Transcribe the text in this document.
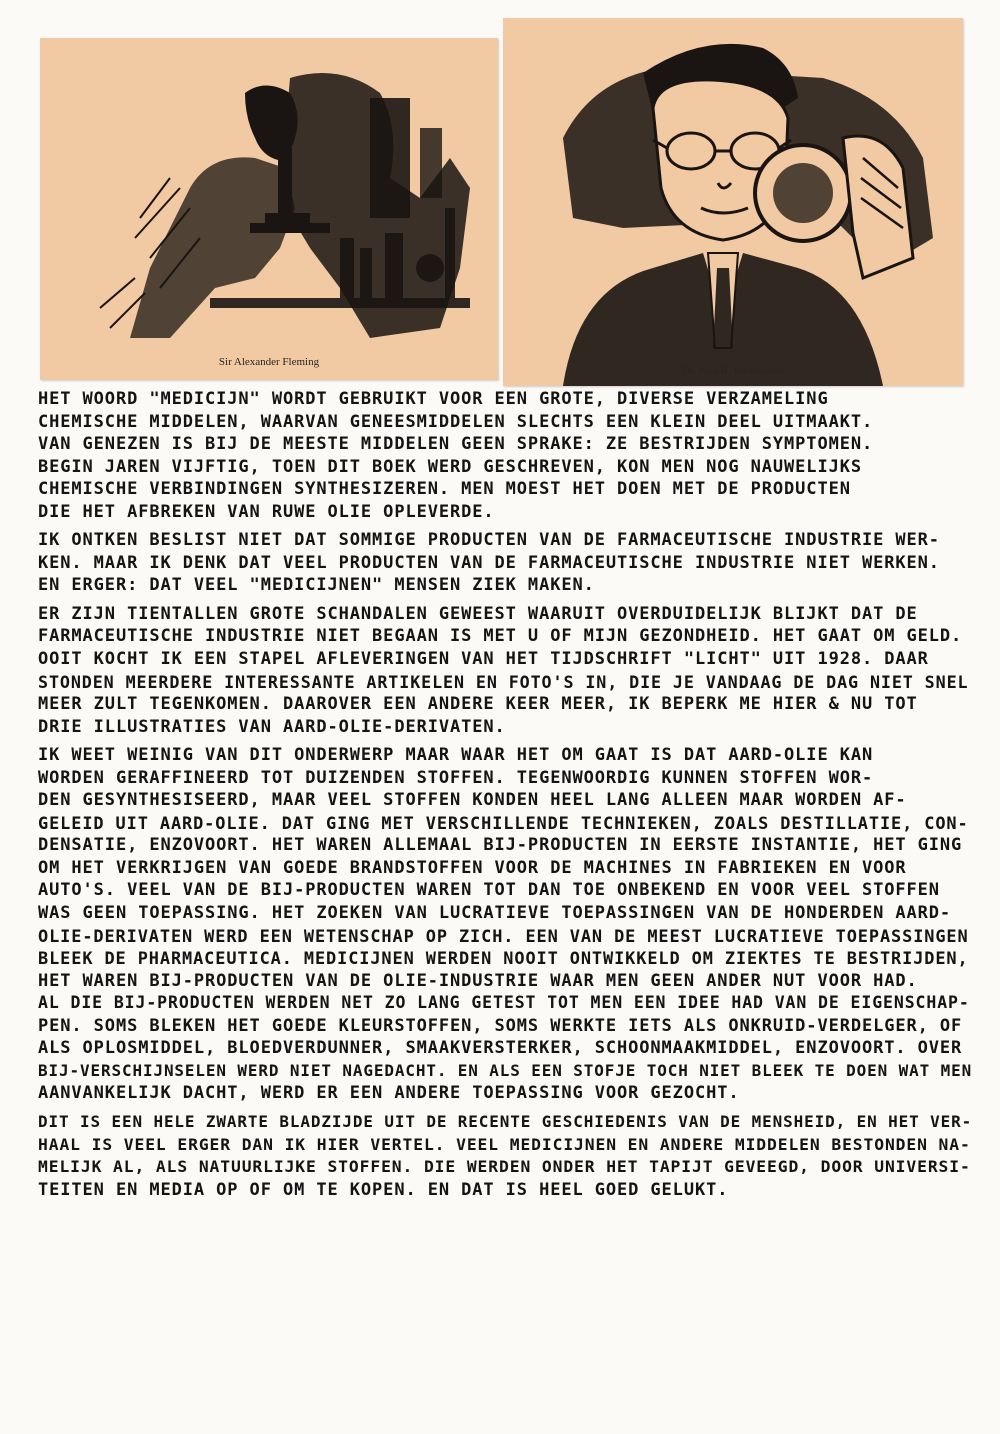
Sir Alexander Fleming
Dr. Paul R. Burkholder
HET WOORD "MEDICIJN" WORDT GEBRUIKT VOOR EEN GROTE, DIVERSE VERZAMELING
CHEMISCHE MIDDELEN, WAARVAN GENEESMIDDELEN SLECHTS EEN KLEIN DEEL UITMAAKT.
VAN GENEZEN IS BIJ DE MEESTE MIDDELEN GEEN SPRAKE: ZE BESTRIJDEN SYMPTOMEN.
BEGIN JAREN VIJFTIG, TOEN DIT BOEK WERD GESCHREVEN, KON MEN NOG NAUWELIJKS
CHEMISCHE VERBINDINGEN SYNTHESIZEREN. MEN MOEST HET DOEN MET DE PRODUCTEN
DIE HET AFBREKEN VAN RUWE OLIE OPLEVERDE.
IK ONTKEN BESLIST NIET DAT SOMMIGE PRODUCTEN VAN DE FARMACEUTISCHE INDUSTRIE WER-
KEN. MAAR IK DENK DAT VEEL PRODUCTEN VAN DE FARMACEUTISCHE INDUSTRIE NIET WERKEN.
EN ERGER: DAT VEEL "MEDICIJNEN" MENSEN ZIEK MAKEN.
ER ZIJN TIENTALLEN GROTE SCHANDALEN GEWEEST WAARUIT OVERDUIDELIJK BLIJKT DAT DE
FARMACEUTISCHE INDUSTRIE NIET BEGAAN IS MET U OF MIJN GEZONDHEID. HET GAAT OM GELD.
OOIT KOCHT IK EEN STAPEL AFLEVERINGEN VAN HET TIJDSCHRIFT "LICHT" UIT 1928. DAAR
STONDEN MEERDERE INTERESSANTE ARTIKELEN EN FOTO'S IN, DIE JE VANDAAG DE DAG NIET SNEL
MEER ZULT TEGENKOMEN. DAAROVER EEN ANDERE KEER MEER, IK BEPERK ME HIER & NU TOT
DRIE ILLUSTRATIES VAN AARD-OLIE-DERIVATEN.
IK WEET WEINIG VAN DIT ONDERWERP MAAR WAAR HET OM GAAT IS DAT AARD-OLIE KAN
WORDEN GERAFFINEERD TOT DUIZENDEN STOFFEN. TEGENWOORDIG KUNNEN STOFFEN WOR-
DEN GESYNTHESISEERD, MAAR VEEL STOFFEN KONDEN HEEL LANG ALLEEN MAAR WORDEN AF-
GELEID UIT AARD-OLIE. DAT GING MET VERSCHILLENDE TECHNIEKEN, ZOALS DESTILLATIE, CON-
DENSATIE, ENZOVOORT. HET WAREN ALLEMAAL BIJ-PRODUCTEN IN EERSTE INSTANTIE, HET GING
OM HET VERKRIJGEN VAN GOEDE BRANDSTOFFEN VOOR DE MACHINES IN FABRIEKEN EN VOOR
AUTO'S. VEEL VAN DE BIJ-PRODUCTEN WAREN TOT DAN TOE ONBEKEND EN VOOR VEEL STOFFEN
WAS GEEN TOEPASSING. HET ZOEKEN VAN LUCRATIEVE TOEPASSINGEN VAN DE HONDERDEN AARD-
OLIE-DERIVATEN WERD EEN WETENSCHAP OP ZICH. EEN VAN DE MEEST LUCRATIEVE TOEPASSINGEN
BLEEK DE PHARMACEUTICA. MEDICIJNEN WERDEN NOOIT ONTWIKKELD OM ZIEKTES TE BESTRIJDEN,
HET WAREN BIJ-PRODUCTEN VAN DE OLIE-INDUSTRIE WAAR MEN GEEN ANDER NUT VOOR HAD.
AL DIE BIJ-PRODUCTEN WERDEN NET ZO LANG GETEST TOT MEN EEN IDEE HAD VAN DE EIGENSCHAP-
PEN. SOMS BLEKEN HET GOEDE KLEURSTOFFEN, SOMS WERKTE IETS ALS ONKRUID-VERDELGER, OF
ALS OPLOSMIDDEL, BLOEDVERDUNNER, SMAAKVERSTERKER, SCHOONMAAKMIDDEL, ENZOVOORT. OVER
BIJ-VERSCHIJNSELEN WERD NIET NAGEDACHT. EN ALS EEN STOFJE TOCH NIET BLEEK TE DOEN WAT MEN
AANVANKELIJK DACHT, WERD ER EEN ANDERE TOEPASSING VOOR GEZOCHT.
DIT IS EEN HELE ZWARTE BLADZIJDE UIT DE RECENTE GESCHIEDENIS VAN DE MENSHEID, EN HET VER-
HAAL IS VEEL ERGER DAN IK HIER VERTEL. VEEL MEDICIJNEN EN ANDERE MIDDELEN BESTONDEN NA-
MELIJK AL, ALS NATUURLIJKE STOFFEN. DIE WERDEN ONDER HET TAPIJT GEVEEGD, DOOR UNIVERSI-
TEITEN EN MEDIA OP OF OM TE KOPEN. EN DAT IS HEEL GOED GELUKT.
